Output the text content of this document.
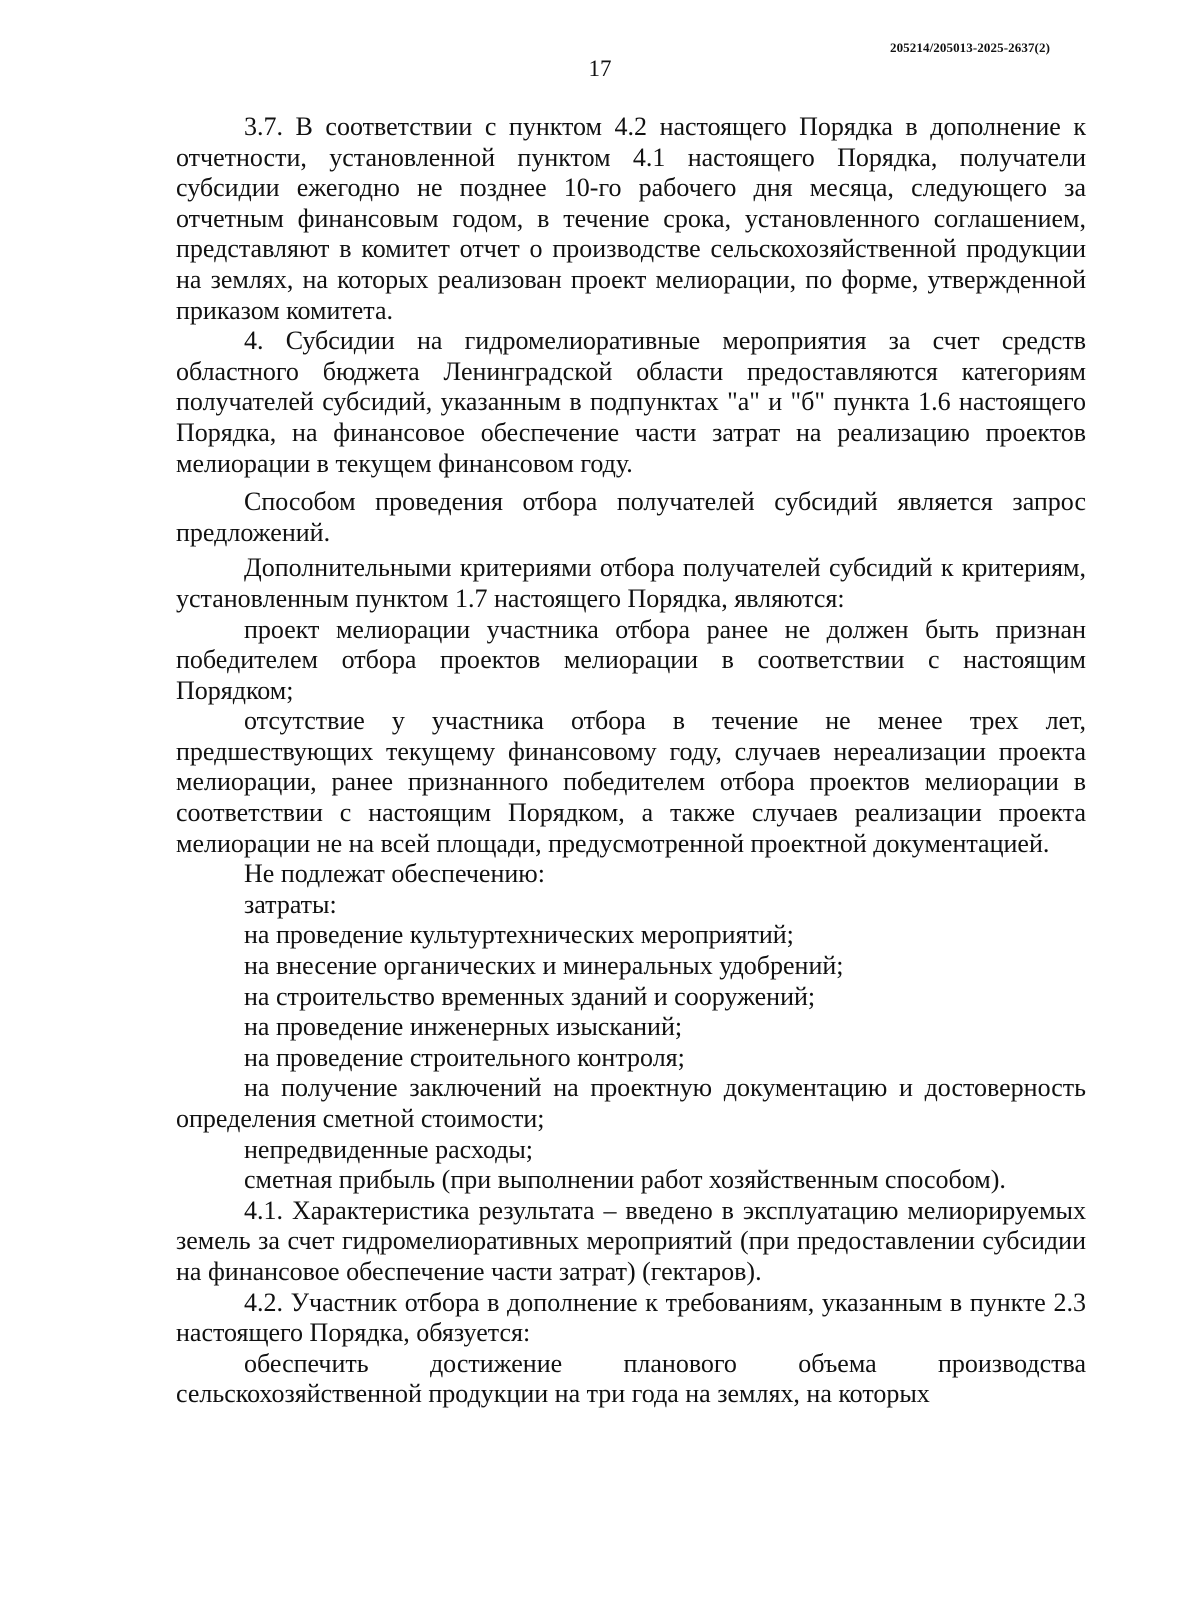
205214/205013-2025-2637(2)
17

3.7. В соответствии с пунктом 4.2 настоящего Порядка в дополнение к отчетности, установленной пунктом 4.1 настоящего Порядка, получатели субсидии ежегодно не позднее 10-го рабочего дня месяца, следующего за отчетным финансовым годом, в течение срока, установленного соглашением, представляют в комитет отчет о производстве сельскохозяйственной продукции на землях, на которых реализован проект мелиорации, по форме, утвержденной приказом комитета.

4. Субсидии на гидромелиоративные мероприятия за счет средств областного бюджета Ленинградской области предоставляются категориям получателей субсидий, указанным в подпунктах "а" и "б" пункта 1.6 настоящего Порядка, на финансовое обеспечение части затрат на реализацию проектов мелиорации в текущем финансовом году.

Способом проведения отбора получателей субсидий является запрос предложений.

Дополнительными критериями отбора получателей субсидий к критериям, установленным пунктом 1.7 настоящего Порядка, являются:

проект мелиорации участника отбора ранее не должен быть признан победителем отбора проектов мелиорации в соответствии с настоящим Порядком;

отсутствие у участника отбора в течение не менее трех лет, предшествующих текущему финансовому году, случаев нереализации проекта мелиорации, ранее признанного победителем отбора проектов мелиорации в соответствии с настоящим Порядком, а также случаев реализации проекта мелиорации не на всей площади, предусмотренной проектной документацией.

Не подлежат обеспечению:

затраты:

на проведение культуртехнических мероприятий;

на внесение органических и минеральных удобрений;

на строительство временных зданий и сооружений;

на проведение инженерных изысканий;

на проведение строительного контроля;

на получение заключений на проектную документацию и достоверность определения сметной стоимости;

непредвиденные расходы;

сметная прибыль (при выполнении работ хозяйственным способом).

4.1. Характеристика результата – введено в эксплуатацию мелиорируемых земель за счет гидромелиоративных мероприятий (при предоставлении субсидии на финансовое обеспечение части затрат) (гектаров).

4.2. Участник отбора в дополнение к требованиям, указанным в пункте 2.3 настоящего Порядка, обязуется:

обеспечить достижение планового объема производства сельскохозяйственной продукции на три года на землях, на которых
